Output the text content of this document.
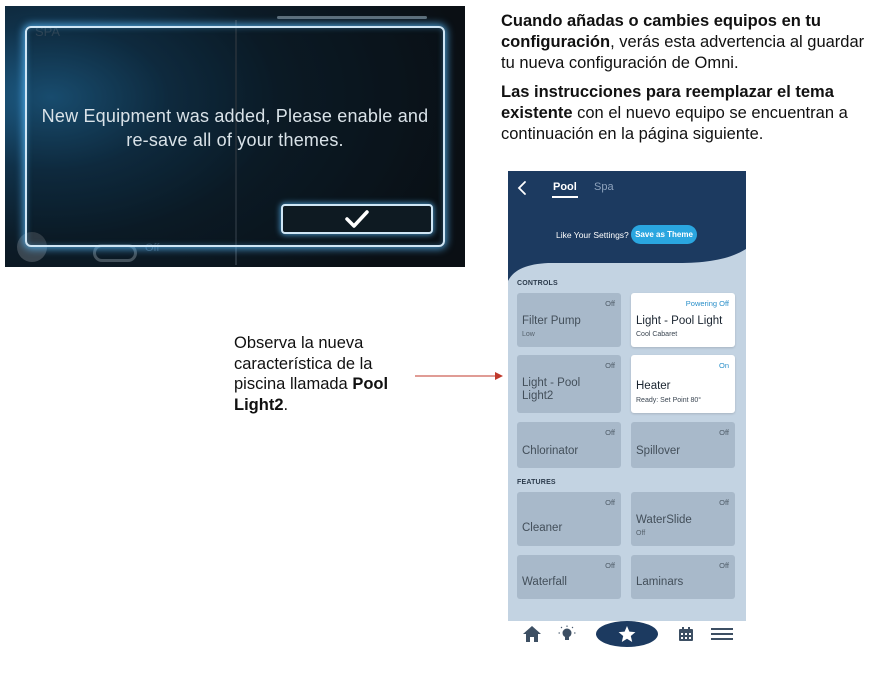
SPA
Off
New Equipment was added, Please enable and re-save all of your themes.
Cuando añadas o cambies equipos en tu configuración, verás esta advertencia al guardar tu nueva configuración de Omni.
Las instrucciones para reemplazar el tema existente con el nuevo equipo se encuentran a continuación en la página siguiente.
Observa la nueva característica de la piscina llamada Pool Light2.
Pool Spa
Like Your Settings? Save as Theme
CONTROLS
Off
Filter Pump
Low
Powering Off
Light - Pool Light
Cool Cabaret
Off
Light - Pool Light2
On
Heater
Ready: Set Point 80°
Off
Chlorinator
Off
Spillover
FEATURES
Off
Cleaner
Off
WaterSlide
Off
Off
Waterfall
Off
Laminars
